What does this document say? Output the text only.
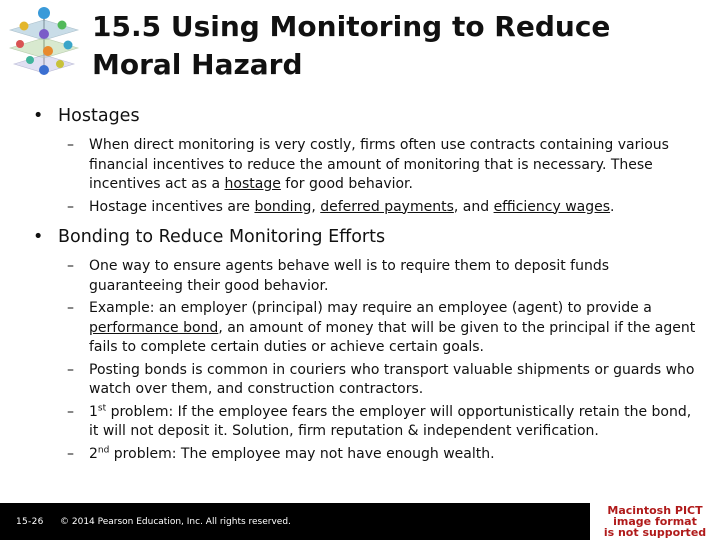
15.5 Using Monitoring to Reduce
Moral Hazard
• Hostages
– When direct monitoring is very costly, firms often use contracts containing various financial incentives to reduce the amount of monitoring that is necessary. These incentives act as a hostage for good behavior.
– Hostage incentives are bonding, deferred payments, and efficiency wages.
• Bonding to Reduce Monitoring Efforts
– One way to ensure agents behave well is to require them to deposit funds guaranteeing their good behavior.
– Example: an employer (principal) may require an employee (agent) to provide a performance bond, an amount of money that will be given to the principal if the agent fails to complete certain duties or achieve certain goals.
– Posting bonds is common in couriers who transport valuable shipments or guards who watch over them, and construction contractors.
– 1st problem: If the employee fears the employer will opportunistically retain the bond, it will not deposit it. Solution, firm reputation & independent verification.
– 2nd problem: The employee may not have enough wealth.
15-26 © 2014 Pearson Education, Inc. All rights reserved.
Macintosh PICT
image format
is not supported
